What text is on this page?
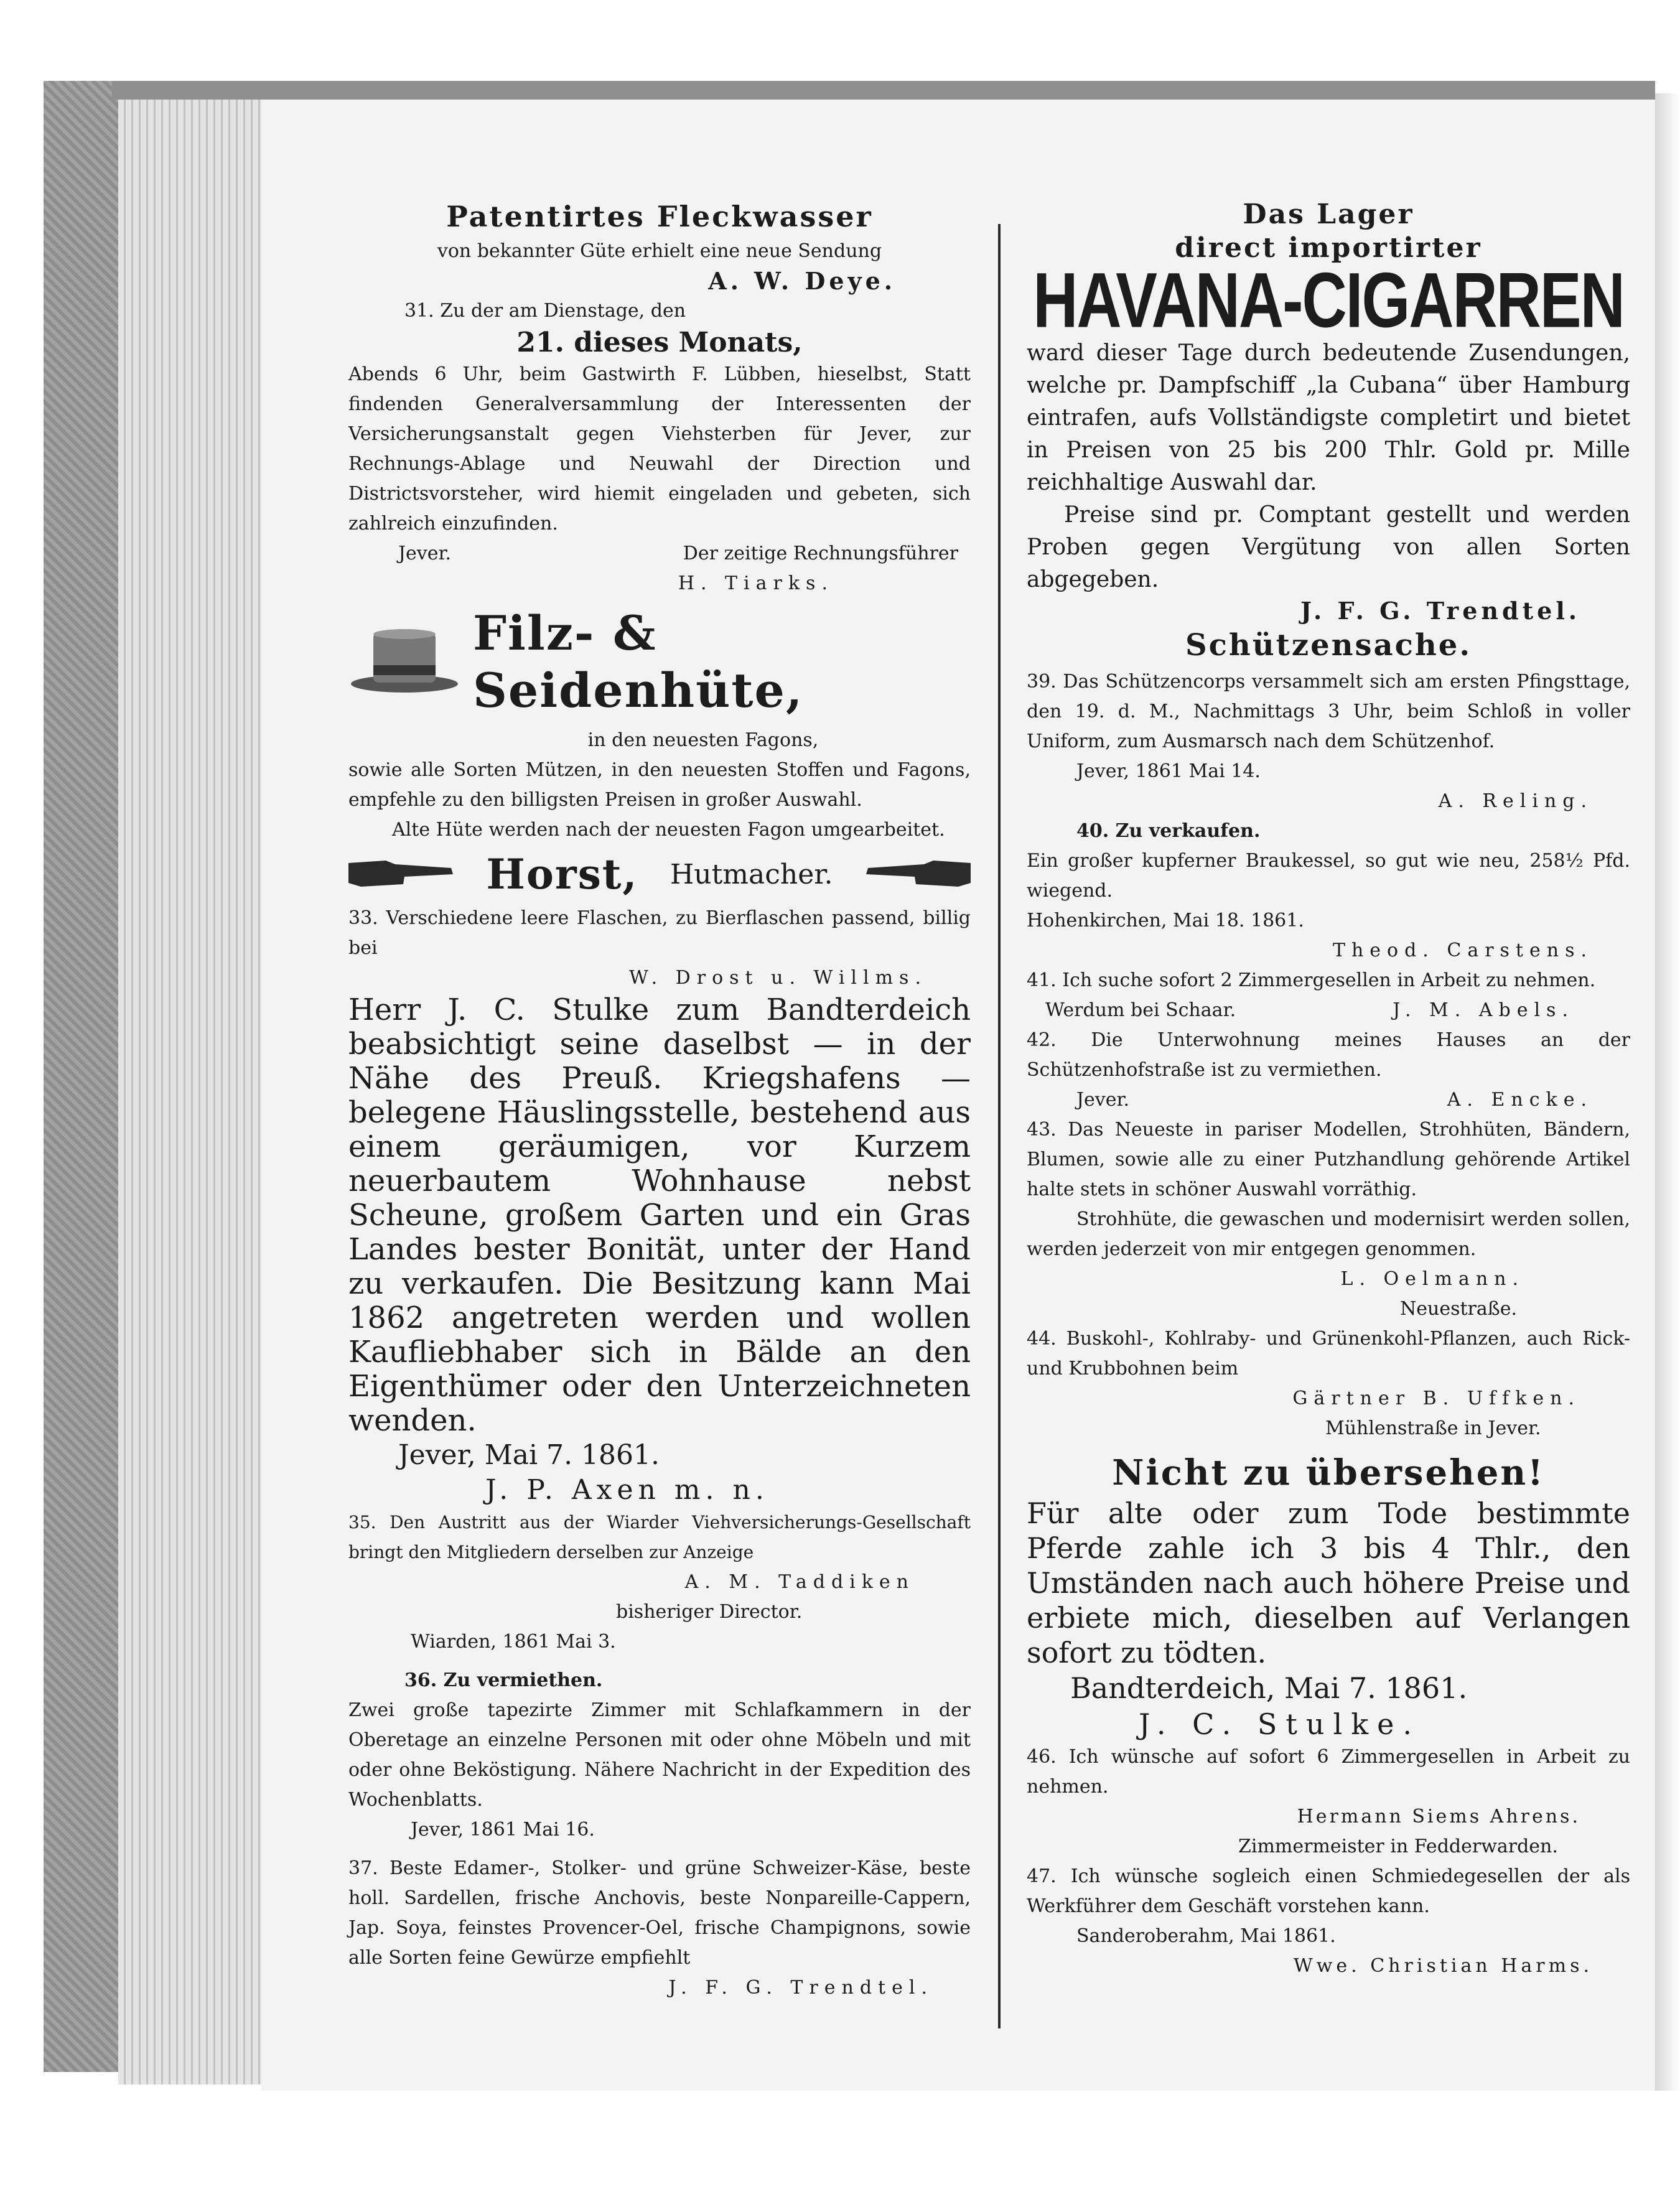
Patentirtes Fleckwasser

von bekannter Güte erhielt eine neue Sendung

A. W. Deye.

31. Zu der am Dienstage, den

21. dieses Monats,

Abends 6 Uhr, beim Gastwirth F. Lübben, hieselbst, Statt findenden Generalversammlung der Interessenten der Versicherungsanstalt gegen Viehsterben für Jever, zur Rechnungs-Ablage und Neuwahl der Direction und Districtsvorsteher, wird hiemit eingeladen und gebeten, sich zahlreich einzufinden.

Jever.	Der zeitige Rechnungsführer

H. Tiarks.

Filz- & Seidenhüte,

in den neuesten Fagons,

sowie alle Sorten Mützen, in den neuesten Stoffen und Fagons, empfehle zu den billigsten Preisen in großer Auswahl.

Alte Hüte werden nach der neuesten Fagon umgearbeitet.

Horst, Hutmacher.

33. Verschiedene leere Flaschen, zu Bierflaschen passend, billig bei

W. Drost u. Willms.

Herr J. C. Stulke zum Bandterdeich beabsichtigt seine daselbst — in der Nähe des Preuß. Kriegshafens — belegene Häuslingsstelle, bestehend aus einem geräumigen, vor Kurzem neuerbautem Wohnhause nebst Scheune, großem Garten und ein Gras Landes bester Bonität, unter der Hand zu verkaufen. Die Besitzung kann Mai 1862 angetreten werden und wollen Kaufliebhaber sich in Bälde an den Eigenthümer oder den Unterzeichneten wenden.

Jever, Mai 7. 1861.

J. P. Axen m. n.

35. Den Austritt aus der Wiarder Viehversicherungs-Gesellschaft bringt den Mitgliedern derselben zur Anzeige

A. M. Taddiken

bisheriger Director.

Wiarden, 1861 Mai 3.

36. Zu vermiethen.

Zwei große tapezirte Zimmer mit Schlafkammern in der Oberetage an einzelne Personen mit oder ohne Möbeln und mit oder ohne Beköstigung. Nähere Nachricht in der Expedition des Wochenblatts.

Jever, 1861 Mai 16.

37. Beste Edamer-, Stolker- und grüne Schweizer-Käse, beste holl. Sardellen, frische Anchovis, beste Nonpareille-Cappern, Jap. Soya, feinstes Provencer-Oel, frische Champignons, sowie alle Sorten feine Gewürze empfiehlt

J. F. G. Trendtel.

Das Lager

direct importirter

HAVANA-CIGARREN

ward dieser Tage durch bedeutende Zusendungen, welche pr. Dampfschiff „la Cubana“ über Hamburg eintrafen, aufs Vollständigste completirt und bietet in Preisen von 25 bis 200 Thlr. Gold pr. Mille reichhaltige Auswahl dar.

Preise sind pr. Comptant gestellt und werden Proben gegen Vergütung von allen Sorten abgegeben.

J. F. G. Trendtel.

Schützensache.

39. Das Schützencorps versammelt sich am ersten Pfingsttage, den 19. d. M., Nachmittags 3 Uhr, beim Schloß in voller Uniform, zum Ausmarsch nach dem Schützenhof.

Jever, 1861 Mai 14.

A. Reling.

40. Zu verkaufen.

Ein großer kupferner Braukessel, so gut wie neu, 258½ Pfd. wiegend.

Hohenkirchen, Mai 18. 1861.

Theod. Carstens.

41. Ich suche sofort 2 Zimmergesellen in Arbeit zu nehmen.

Werdum bei Schaar.	J. M. Abels.

42. Die Unterwohnung meines Hauses an der Schützenhofstraße ist zu vermiethen.

Jever.	A. Encke.

43. Das Neueste in pariser Modellen, Strohhüten, Bändern, Blumen, sowie alle zu einer Putzhandlung gehörende Artikel halte stets in schöner Auswahl vorräthig.

Strohhüte, die gewaschen und modernisirt werden sollen, werden jederzeit von mir entgegen genommen.

L. Oelmann.

Neuestraße.

44. Buskohl-, Kohlraby- und Grünenkohl-Pflanzen, auch Rick- und Krubbohnen beim

Gärtner B. Uffken.

Mühlenstraße in Jever.

Nicht zu übersehen!

Für alte oder zum Tode bestimmte Pferde zahle ich 3 bis 4 Thlr., den Umständen nach auch höhere Preise und erbiete mich, dieselben auf Verlangen sofort zu tödten.

Bandterdeich, Mai 7. 1861.

J. C. Stulke.

46. Ich wünsche auf sofort 6 Zimmergesellen in Arbeit zu nehmen.

Hermann Siems Ahrens.

Zimmermeister in Fedderwarden.

47. Ich wünsche sogleich einen Schmiedegesellen der als Werkführer dem Geschäft vorstehen kann.

Sanderoberahm, Mai 1861.

Wwe. Christian Harms.
